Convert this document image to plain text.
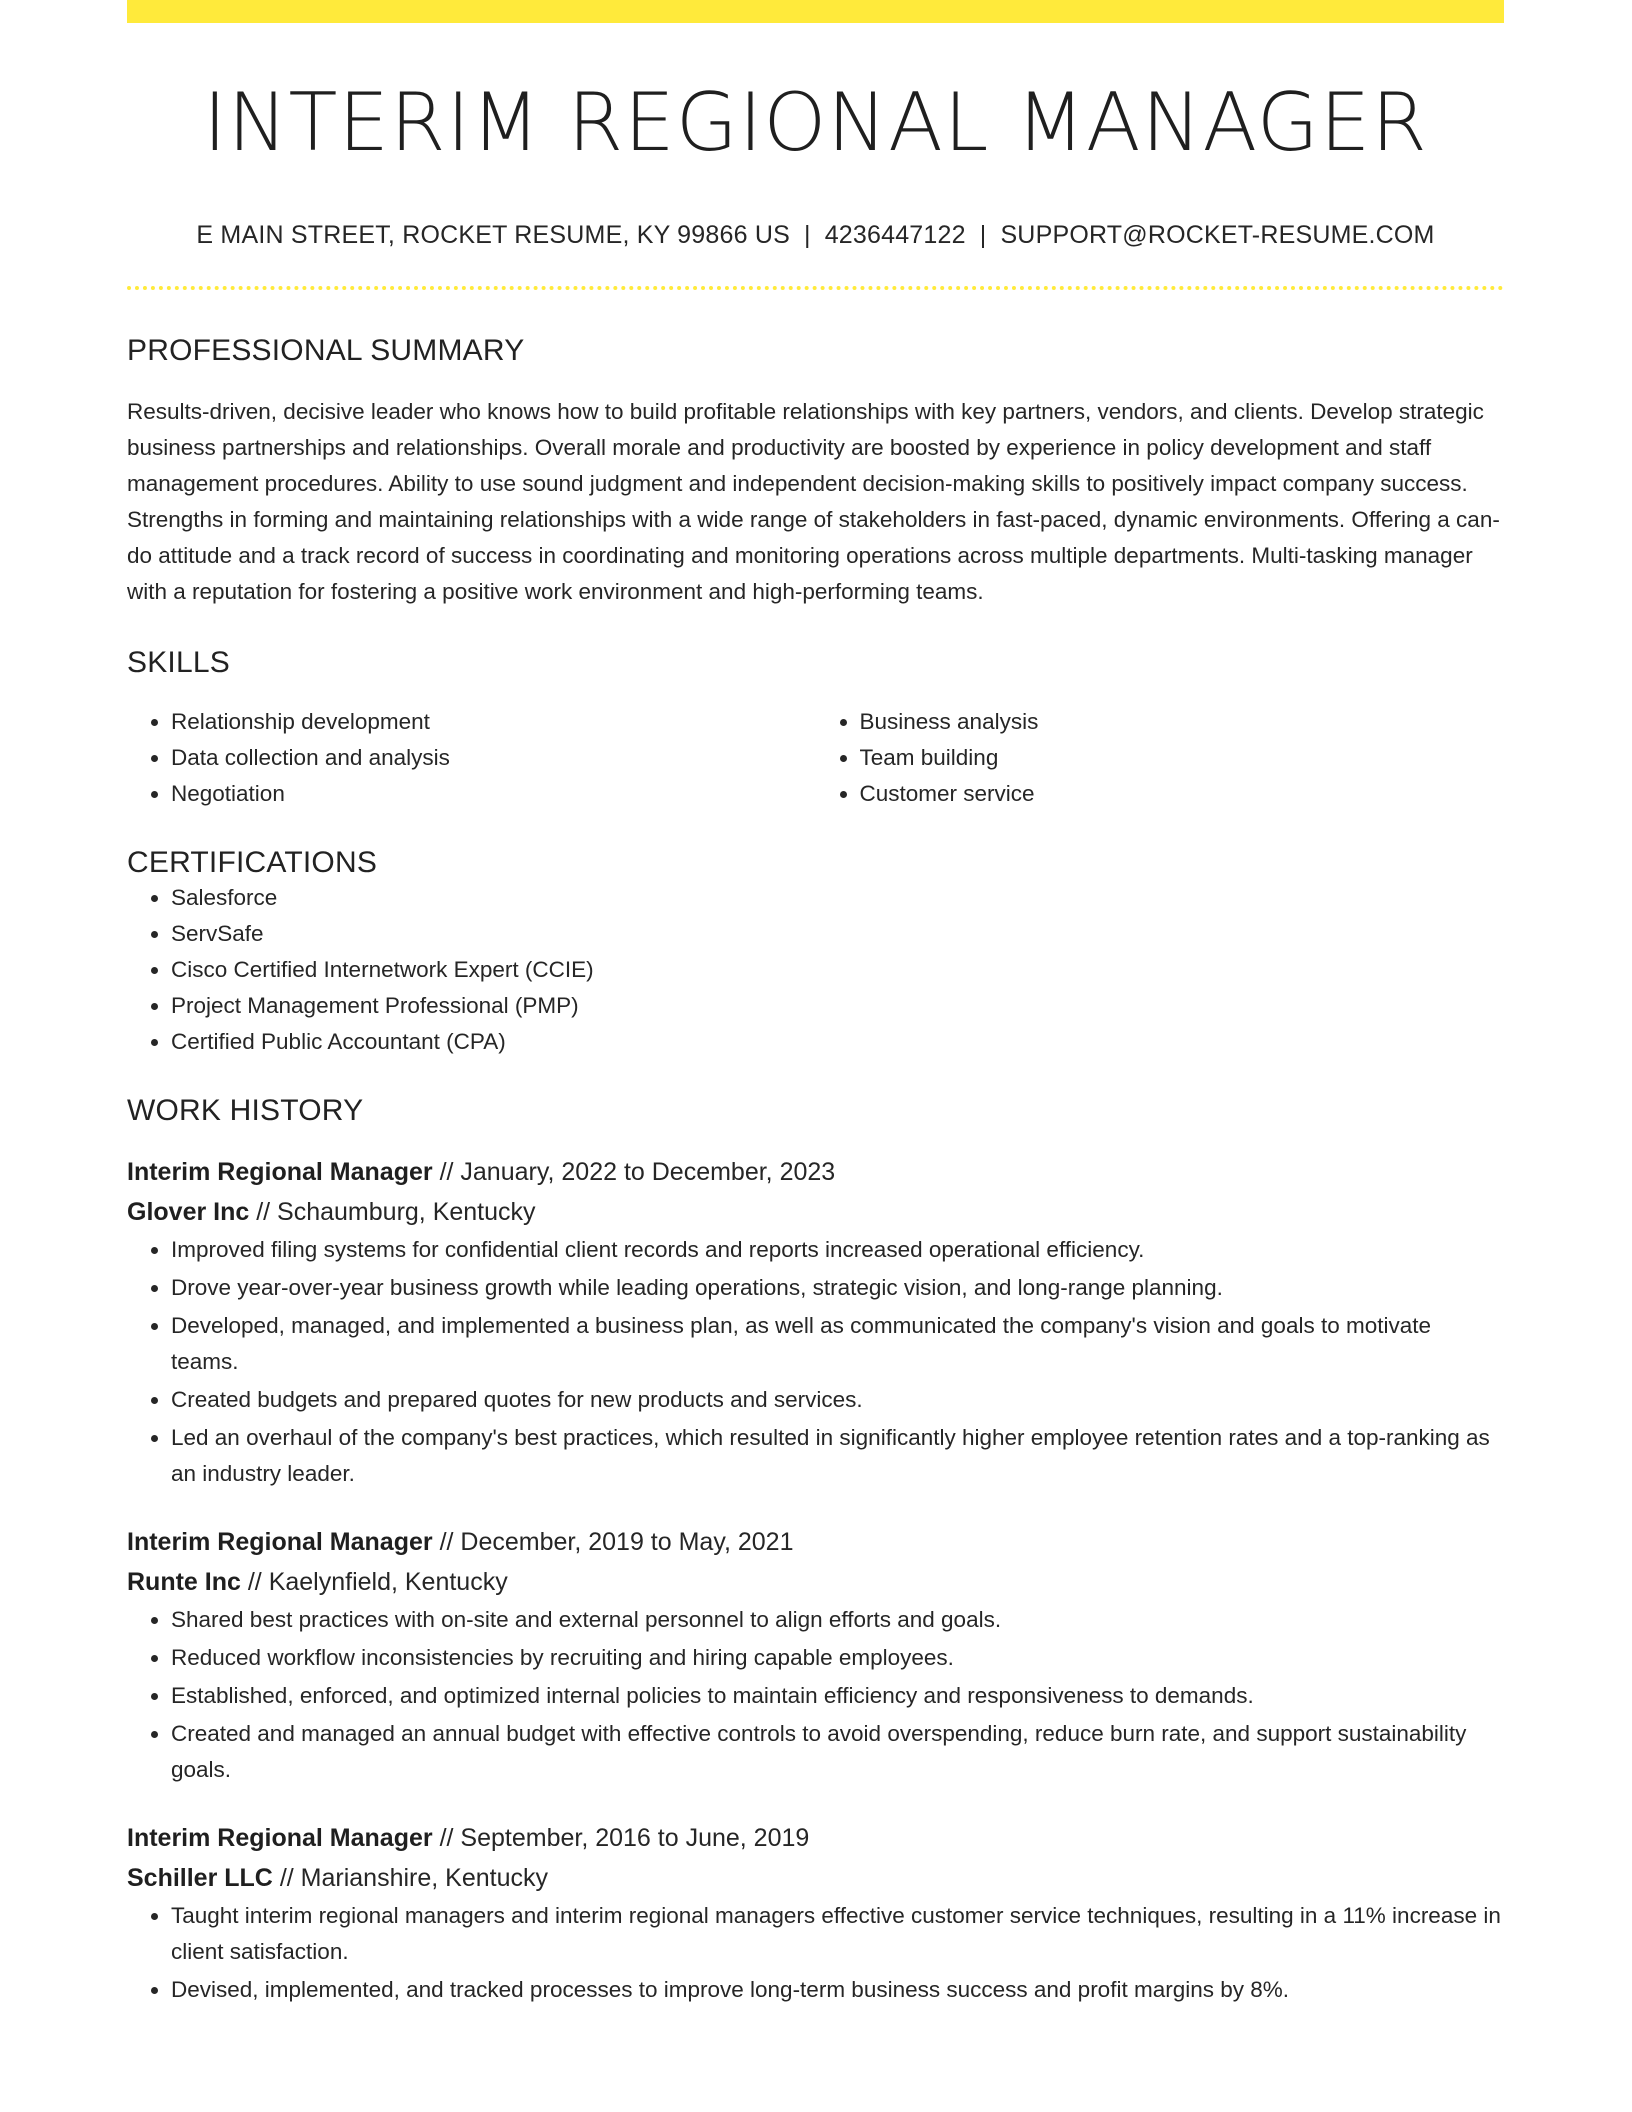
INTERIM REGIONAL MANAGER
E MAIN STREET, ROCKET RESUME, KY 99866 US | 4236447122 | SUPPORT@ROCKET-RESUME.COM
PROFESSIONAL SUMMARY
Results-driven, decisive leader who knows how to build profitable relationships with key partners, vendors, and clients. Develop strategic business partnerships and relationships. Overall morale and productivity are boosted by experience in policy development and staff management procedures. Ability to use sound judgment and independent decision-making skills to positively impact company success. Strengths in forming and maintaining relationships with a wide range of stakeholders in fast-paced, dynamic environments. Offering a can-do attitude and a track record of success in coordinating and monitoring operations across multiple departments. Multi-tasking manager with a reputation for fostering a positive work environment and high-performing teams.
SKILLS
• Relationship development
• Data collection and analysis
• Negotiation
• Business analysis
• Team building
• Customer service
CERTIFICATIONS
• Salesforce
• ServSafe
• Cisco Certified Internetwork Expert (CCIE)
• Project Management Professional (PMP)
• Certified Public Accountant (CPA)
WORK HISTORY
Interim Regional Manager // January, 2022 to December, 2023
Glover Inc // Schaumburg, Kentucky
• Improved filing systems for confidential client records and reports increased operational efficiency.
• Drove year-over-year business growth while leading operations, strategic vision, and long-range planning.
• Developed, managed, and implemented a business plan, as well as communicated the company's vision and goals to motivate teams.
• Created budgets and prepared quotes for new products and services.
• Led an overhaul of the company's best practices, which resulted in significantly higher employee retention rates and a top-ranking as an industry leader.
Interim Regional Manager // December, 2019 to May, 2021
Runte Inc // Kaelynfield, Kentucky
• Shared best practices with on-site and external personnel to align efforts and goals.
• Reduced workflow inconsistencies by recruiting and hiring capable employees.
• Established, enforced, and optimized internal policies to maintain efficiency and responsiveness to demands.
• Created and managed an annual budget with effective controls to avoid overspending, reduce burn rate, and support sustainability goals.
Interim Regional Manager // September, 2016 to June, 2019
Schiller LLC // Marianshire, Kentucky
• Taught interim regional managers and interim regional managers effective customer service techniques, resulting in a 11% increase in client satisfaction.
• Devised, implemented, and tracked processes to improve long-term business success and profit margins by 8%.
